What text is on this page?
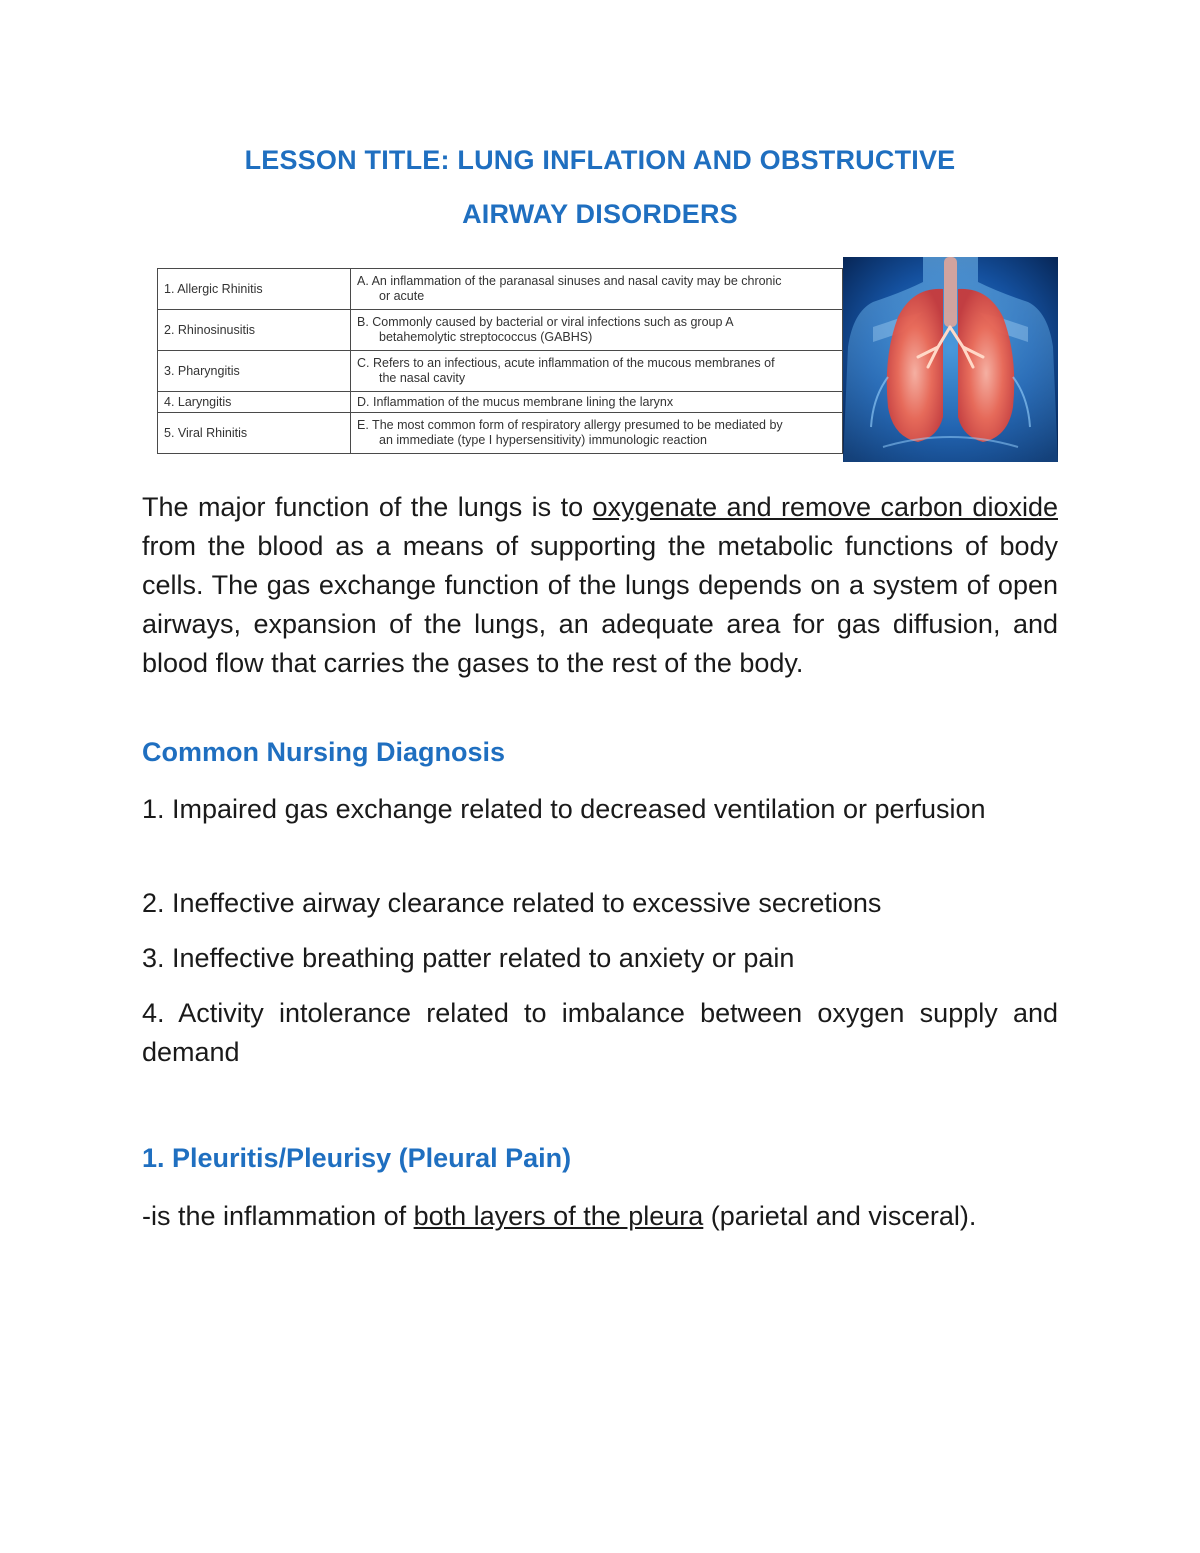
LESSON TITLE: LUNG INFLATION AND OBSTRUCTIVE
AIRWAY DISORDERS
1. Allergic Rhinitis	A. An inflammation of the paranasal sinuses and nasal cavity may be chronic
or acute

2. Rhinosinusitis	B. Commonly caused by bacterial or viral infections such as group A
betahemolytic streptococcus (GABHS)

3. Pharyngitis	C. Refers to an infectious, acute inflammation of the mucous membranes of
the nasal cavity

4. Laryngitis	D. Inflammation of the mucus membrane lining the larynx
5. Viral Rhinitis	E. The most common form of respiratory allergy presumed to be mediated by
an immediate (type I hypersensitivity) immunologic reaction

The major function of the lungs is to oxygenate and remove carbon dioxide from the blood as a means of supporting the metabolic functions of body cells. The gas exchange function of the lungs depends on a system of open airways, expansion of the lungs, an adequate area for gas diffusion, and blood flow that carries the gases to the rest of the body.

Common Nursing Diagnosis

1. Impaired gas exchange related to decreased ventilation or perfusion

2. Ineffective airway clearance related to excessive secretions

3. Ineffective breathing patter related to anxiety or pain

4. Activity intolerance related to imbalance between oxygen supply and demand

1. Pleuritis/Pleurisy (Pleural Pain)

-is the inflammation of both layers of the pleura (parietal and visceral).
